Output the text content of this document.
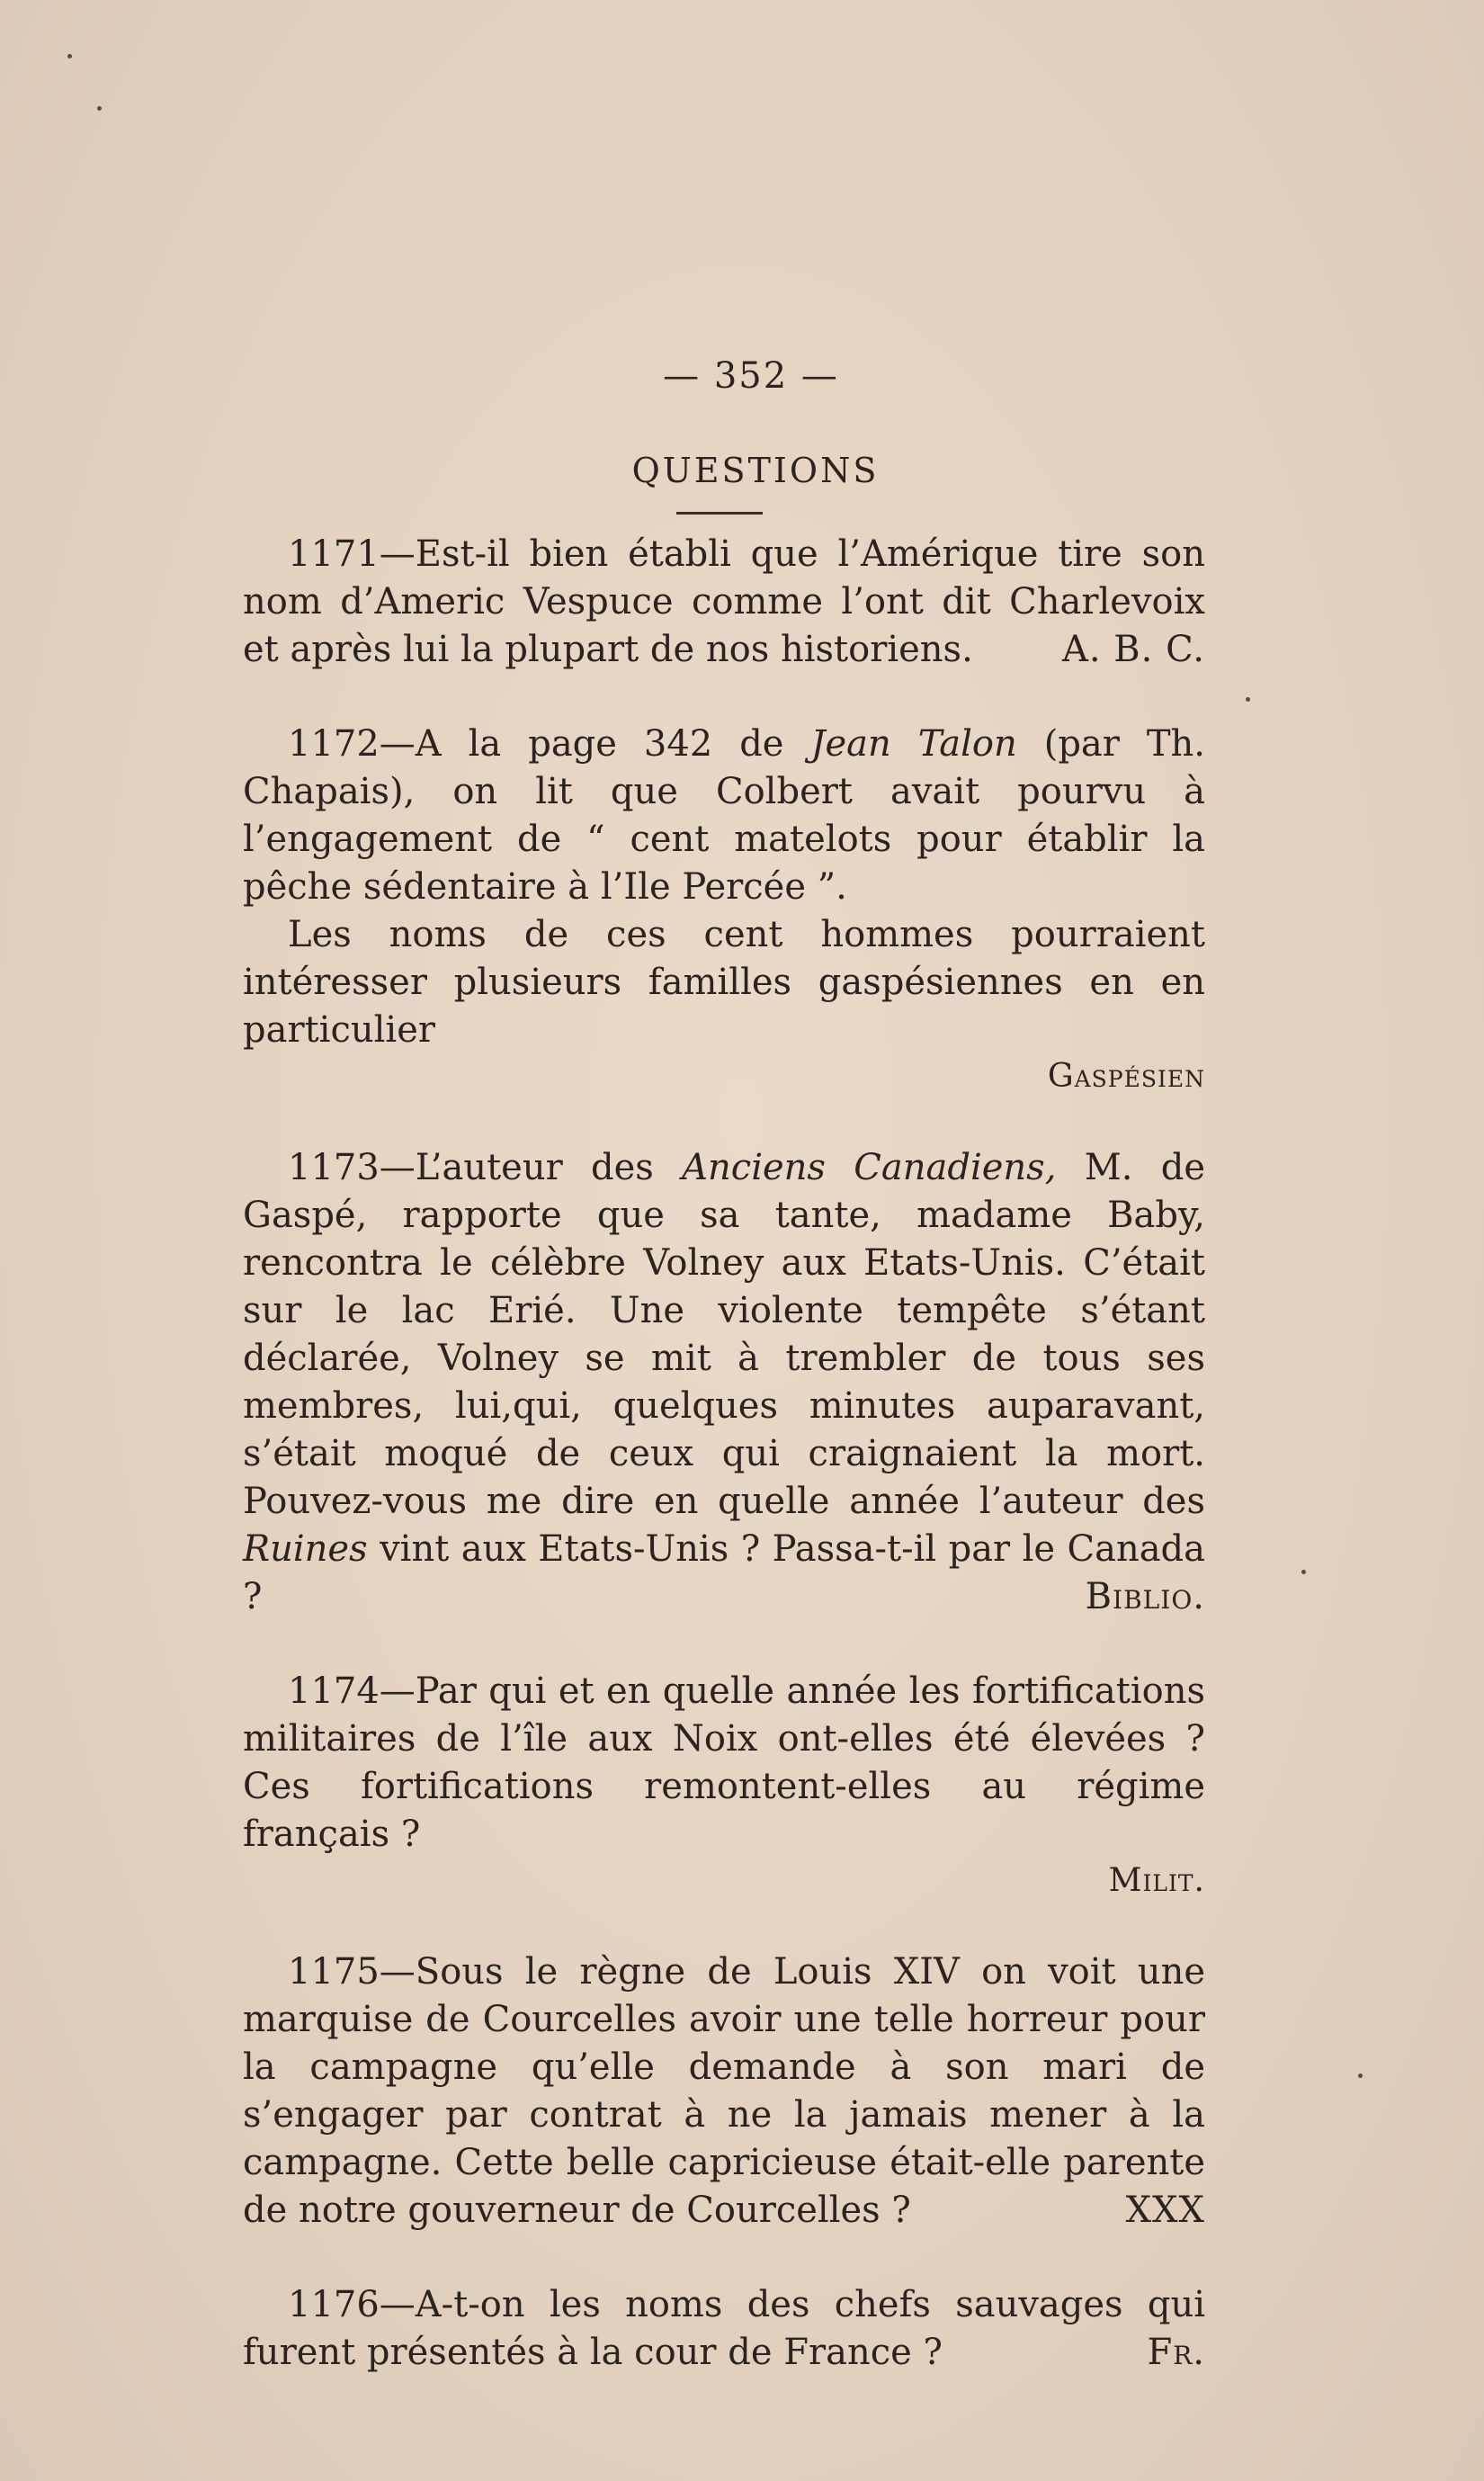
— 352 —
QUESTIONS

1171—Est-il bien établi que l’Amérique tire son nom d’Americ Vespuce comme l’ont dit Charlevoix et après lui la plupart de nos historiens.	A. B. C.

1172—A la page 342 de Jean Talon (par Th. Chapais), on lit que Colbert avait pourvu à l’engagement de “ cent matelots pour établir la pêche sédentaire à l’Ile Percée ”.

Les noms de ces cent hommes pourraient intéresser plusieurs familles gaspésiennes en en particulier

Gaspésien

1173—L’auteur des Anciens Canadiens, M. de Gaspé, rapporte que sa tante, madame Baby, rencontra le célèbre Volney aux Etats-Unis. C’était sur le lac Erié. Une violente tempête s’étant déclarée, Volney se mit à trembler de tous ses membres, lui,qui, quelques minutes auparavant, s’était moqué de ceux qui craignaient la mort. Pouvez-vous me dire en quelle année l’auteur des Ruines vint aux Etats-Unis ? Passa-t-il par le Canada ?	Biblio.

1174—Par qui et en quelle année les fortifications militaires de l’île aux Noix ont-elles été élevées ? Ces fortifications remontent-elles au régime français ?

Milit.

1175—Sous le règne de Louis XIV on voit une marquise de Courcelles avoir une telle horreur pour la campagne qu’elle demande à son mari de s’engager par contrat à ne la jamais mener à la campagne. Cette belle capricieuse était-elle parente de notre gouverneur de Courcelles ?	XXX

1176—A-t-on les noms des chefs sauvages qui furent présentés à la cour de France ?	Fr.
